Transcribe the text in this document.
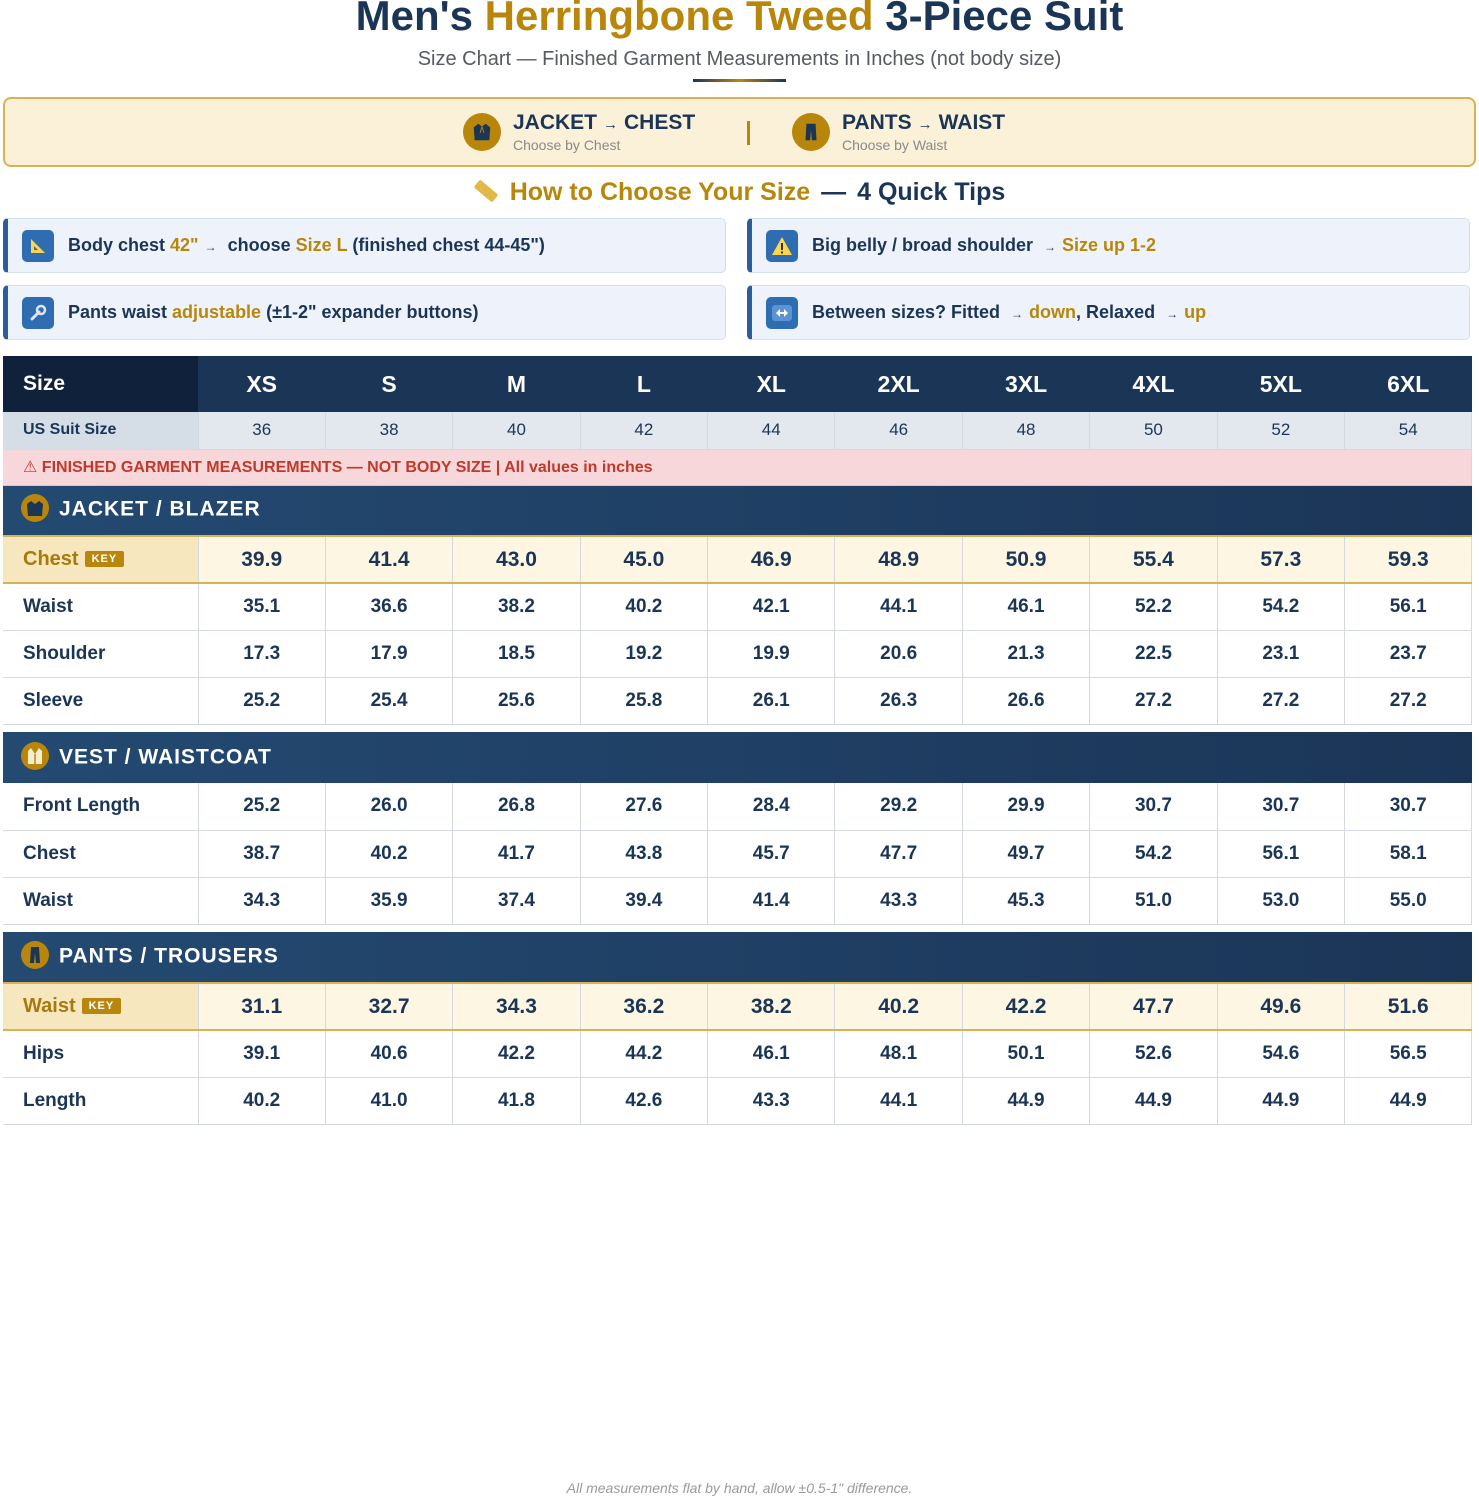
Men's Herringbone Tweed 3-Piece Suit
Size Chart — Finished Garment Measurements in Inches (not body size)
JACKET → CHEST
Choose by Chest
PANTS → WAIST
Choose by Waist
How to Choose Your Size — 4 Quick Tips
Body chest 42" → choose Size L (finished chest 44-45")	Big belly / broad shoulder → Size up 1-2
Pants waist adjustable (±1-2" expander buttons)	Between sizes? Fitted → down, Relaxed → up
Size	XS	S	M	L	XL	2XL	3XL	4XL	5XL	6XL
US Suit Size	36	38	40	42	44	46	48	50	52	54
⚠ FINISHED GARMENT MEASUREMENTS — NOT BODY SIZE | All values in inches										

JACKET / BLAZER										
Chest KEY	39.9	41.4	43.0	45.0	46.9	48.9	50.9	55.4	57.3	59.3
Waist	35.1	36.6	38.2	40.2	42.1	44.1	46.1	52.2	54.2	56.1
Shoulder	17.3	17.9	18.5	19.2	19.9	20.6	21.3	22.5	23.1	23.7
Sleeve	25.2	25.4	25.6	25.8	26.1	26.3	26.6	27.2	27.2	27.2

VEST / WAISTCOAT										
Front Length	25.2	26.0	26.8	27.6	28.4	29.2	29.9	30.7	30.7	30.7
Chest	38.7	40.2	41.7	43.8	45.7	47.7	49.7	54.2	56.1	58.1
Waist	34.3	35.9	37.4	39.4	41.4	43.3	45.3	51.0	53.0	55.0

PANTS / TROUSERS										
Waist KEY	31.1	32.7	34.3	36.2	38.2	40.2	42.2	47.7	49.6	51.6
Hips	39.1	40.6	42.2	44.2	46.1	48.1	50.1	52.6	54.6	56.5
Length	40.2	41.0	41.8	42.6	43.3	44.1	44.9	44.9	44.9	44.9
All measurements flat by hand, allow ±0.5-1" difference.
